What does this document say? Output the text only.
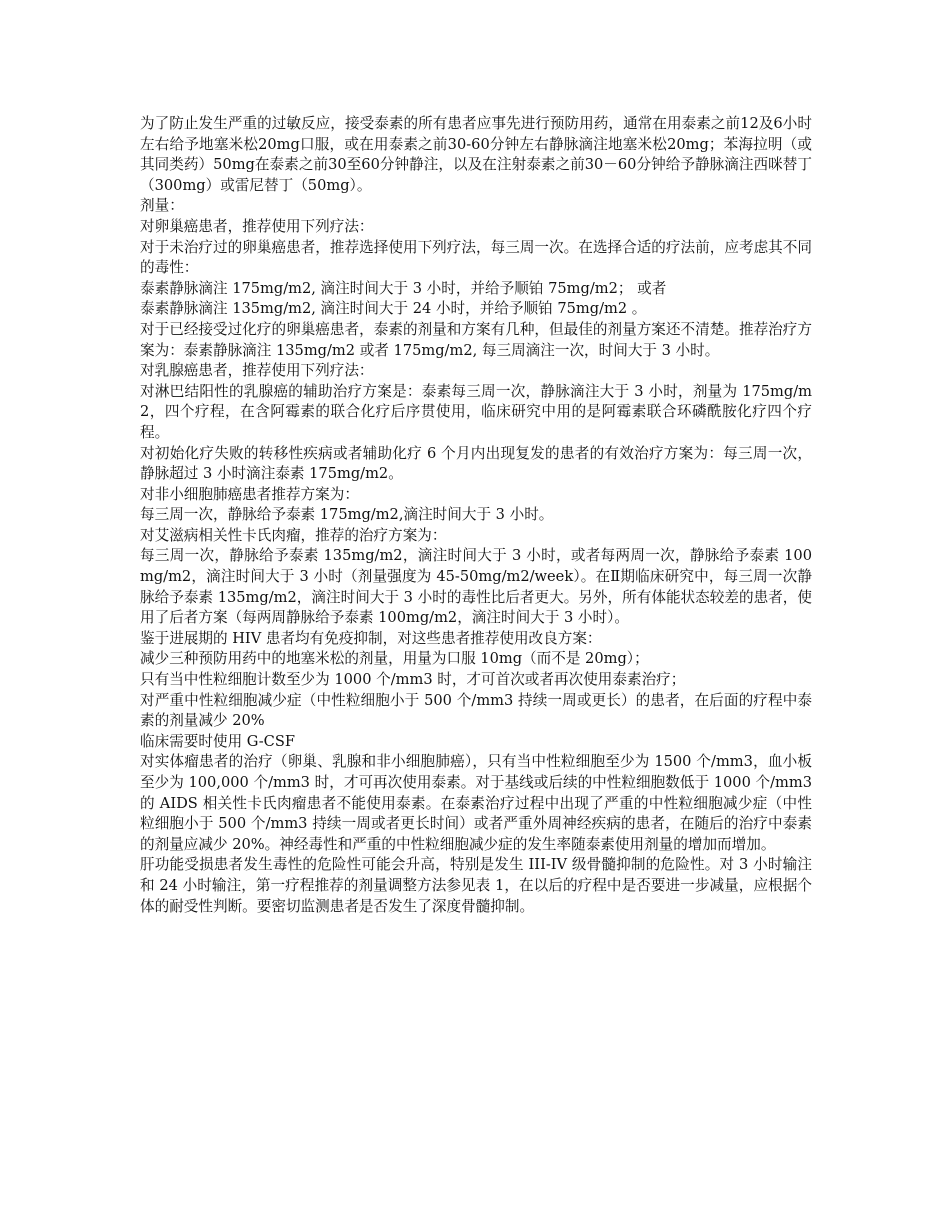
为了防止发生严重的过敏反应，接受泰素的所有患者应事先进行预防用药，通常在用泰素之前12及6小时左右给予地塞米松20mg口服，或在用泰素之前30-60分钟左右静脉滴注地塞米松20mg；苯海拉明（或其同类药）50mg在泰素之前30至60分钟静注，以及在注射泰素之前30－60分钟给予静脉滴注西咪替丁（300mg）或雷尼替丁（50mg）。

剂量：

对卵巢癌患者，推荐使用下列疗法：

对于未治疗过的卵巢癌患者，推荐选择使用下列疗法，每三周一次。在选择合适的疗法前，应考虑其不同的毒性：

泰素静脉滴注 175mg/m2, 滴注时间大于 3 小时，并给予顺铂 75mg/m2； 或者

泰素静脉滴注 135mg/m2, 滴注时间大于 24 小时，并给予顺铂 75mg/m2 。

对于已经接受过化疗的卵巢癌患者，泰素的剂量和方案有几种，但最佳的剂量方案还不清楚。推荐治疗方案为：泰素静脉滴注 135mg/m2 或者 175mg/m2, 每三周滴注一次，时间大于 3 小时。

对乳腺癌患者，推荐使用下列疗法：

对淋巴结阳性的乳腺癌的辅助治疗方案是：泰素每三周一次，静脉滴注大于 3 小时，剂量为 175mg/m2，四个疗程，在含阿霉素的联合化疗后序贯使用，临床研究中用的是阿霉素联合环磷酰胺化疗四个疗程。

对初始化疗失败的转移性疾病或者辅助化疗 6 个月内出现复发的患者的有效治疗方案为：每三周一次，静脉超过 3 小时滴注泰素 175mg/m2。

对非小细胞肺癌患者推荐方案为：

每三周一次，静脉给予泰素 175mg/m2,滴注时间大于 3 小时。

对艾滋病相关性卡氏肉瘤，推荐的治疗方案为：

每三周一次，静脉给予泰素 135mg/m2，滴注时间大于 3 小时，或者每两周一次，静脉给予泰素 100mg/m2，滴注时间大于 3 小时（剂量强度为 45-50mg/m2/week）。在Ⅱ期临床研究中，每三周一次静脉给予泰素 135mg/m2，滴注时间大于 3 小时的毒性比后者更大。另外，所有体能状态较差的患者，使用了后者方案（每两周静脉给予泰素 100mg/m2，滴注时间大于 3 小时）。

鉴于进展期的 HIV 患者均有免疫抑制，对这些患者推荐使用改良方案：

减少三种预防用药中的地塞米松的剂量，用量为口服 10mg（而不是 20mg）；

只有当中性粒细胞计数至少为 1000 个/mm3 时，才可首次或者再次使用泰素治疗；

对严重中性粒细胞减少症（中性粒细胞小于 500 个/mm3 持续一周或更长）的患者，在后面的疗程中泰素的剂量减少 20%

临床需要时使用 G-CSF

对实体瘤患者的治疗（卵巢、乳腺和非小细胞肺癌），只有当中性粒细胞至少为 1500 个/mm3，血小板至少为 100,000 个/mm3 时，才可再次使用泰素。对于基线或后续的中性粒细胞数低于 1000 个/mm3 的 AIDS 相关性卡氏肉瘤患者不能使用泰素。在泰素治疗过程中出现了严重的中性粒细胞减少症（中性粒细胞小于 500 个/mm3 持续一周或者更长时间）或者严重外周神经疾病的患者，在随后的治疗中泰素的剂量应减少 20%。神经毒性和严重的中性粒细胞减少症的发生率随泰素使用剂量的增加而增加。

肝功能受损患者发生毒性的危险性可能会升高，特别是发生 III-IV 级骨髓抑制的危险性。对 3 小时输注和 24 小时输注，第一疗程推荐的剂量调整方法参见表 1，在以后的疗程中是否要进一步减量，应根据个体的耐受性判断。要密切监测患者是否发生了深度骨髓抑制。
